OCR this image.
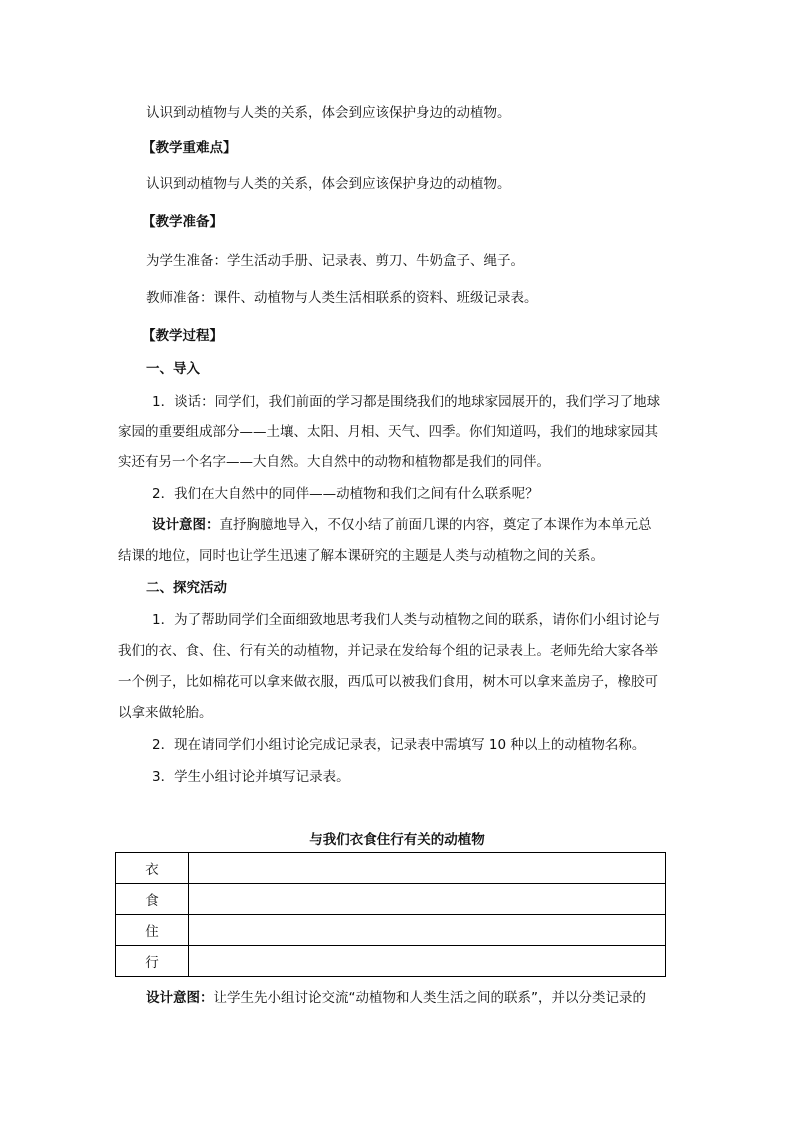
认识到动植物与人类的关系，体会到应该保护身边的动植物。
【教学重难点】
认识到动植物与人类的关系，体会到应该保护身边的动植物。
【教学准备】
为学生准备：学生活动手册、记录表、剪刀、牛奶盒子、绳子。
教师准备：课件、动植物与人类生活相联系的资料、班级记录表。
【教学过程】
一、导入
1．谈话：同学们，我们前面的学习都是围绕我们的地球家园展开的，我们学习了地球
家园的重要组成部分——土壤、太阳、月相、天气、四季。你们知道吗，我们的地球家园其
实还有另一个名字——大自然。大自然中的动物和植物都是我们的同伴。
2．我们在大自然中的同伴——动植物和我们之间有什么联系呢？
设计意图：直抒胸臆地导入，不仅小结了前面几课的内容，奠定了本课作为本单元总
结课的地位，同时也让学生迅速了解本课研究的主题是人类与动植物之间的关系。
二、探究活动
1．为了帮助同学们全面细致地思考我们人类与动植物之间的联系，请你们小组讨论与
我们的衣、食、住、行有关的动植物，并记录在发给每个组的记录表上。老师先给大家各举
一个例子，比如棉花可以拿来做衣服，西瓜可以被我们食用，树木可以拿来盖房子，橡胶可
以拿来做轮胎。
2．现在请同学们小组讨论完成记录表，记录表中需填写 10 种以上的动植物名称。
3．学生小组讨论并填写记录表。
与我们衣食住行有关的动植物
衣	
食	
住	
行	
设计意图：让学生先小组讨论交流“动植物和人类生活之间的联系”，并以分类记录的
